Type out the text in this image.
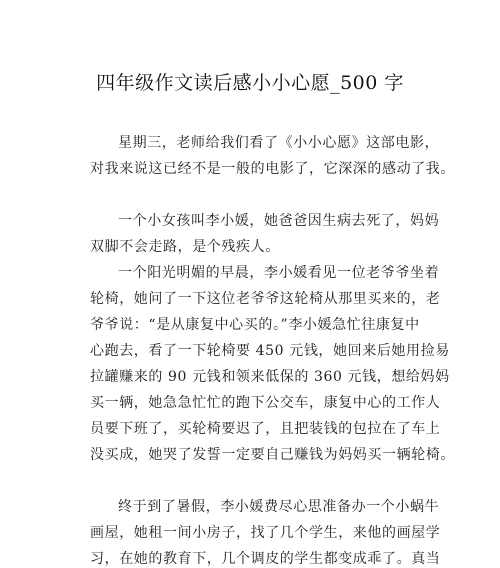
四年级作文读后感小小心愿_500 字
星期三，老师给我们看了《小小心愿》这部电影，
对我来说这已经不是一般的电影了，它深深的感动了我。
一个小女孩叫李小媛，她爸爸因生病去死了，妈妈
双脚不会走路，是个残疾人。
一个阳光明媚的早晨，李小媛看见一位老爷爷坐着
轮椅，她问了一下这位老爷爷这轮椅从那里买来的，老
爷爷说：“是从康复中心买的。”李小媛急忙往康复中
心跑去，看了一下轮椅要 450 元钱，她回来后她用捡易
拉罐赚来的 90 元钱和领来低保的 360 元钱，想给妈妈
买一辆，她急急忙忙的跑下公交车，康复中心的工作人
员要下班了，买轮椅要迟了，且把装钱的包拉在了车上
没买成，她哭了发誓一定要自己赚钱为妈妈买一辆轮椅。
终于到了暑假，李小媛费尽心思准备办一个小蜗牛
画屋，她租一间小房子，找了几个学生，来他的画屋学
习，在她的教育下，几个调皮的学生都变成乖了。真当
